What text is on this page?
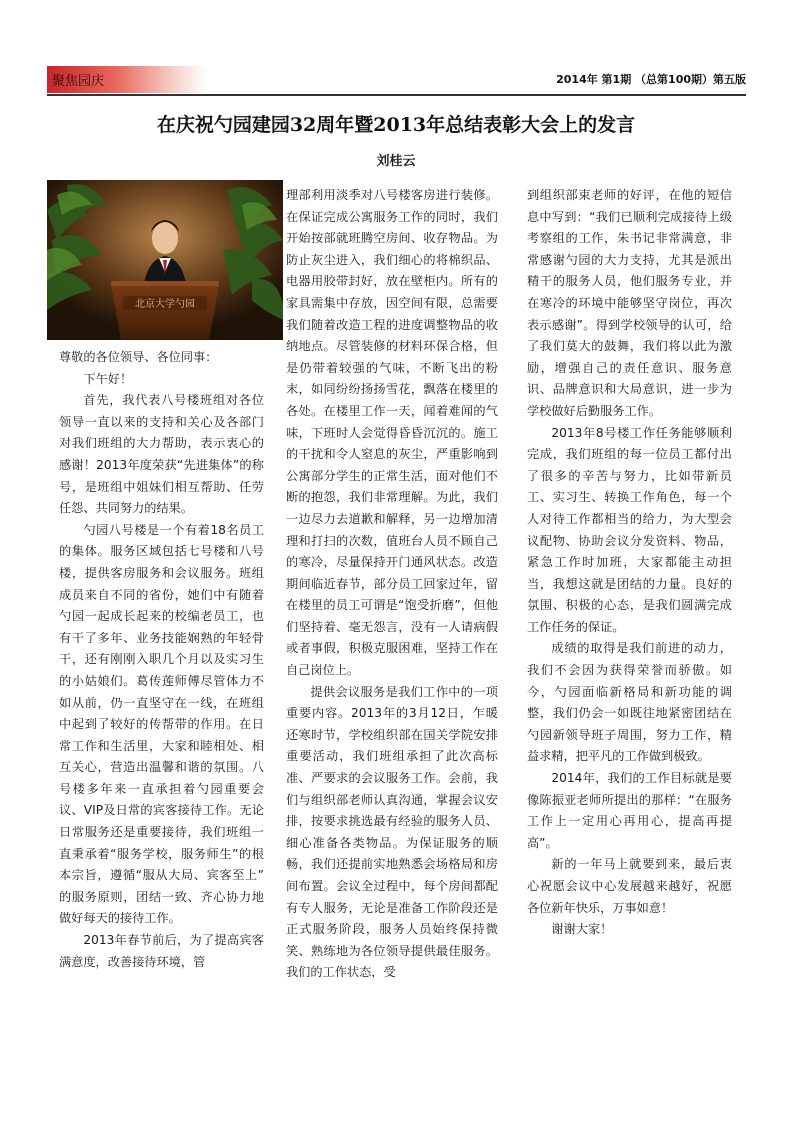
聚焦园庆	2014年 第1期 （总第100期）第五版
在庆祝勺园建园32周年暨2013年总结表彰大会上的发言
刘桂云
北京大学勺园

尊敬的各位领导、各位同事：

下午好！

首先，我代表八号楼班组对各位领导一直以来的支持和关心及各部门对我们班组的大力帮助，表示衷心的感谢！2013年度荣获“先进集体”的称号，是班组中姐妹们相互帮助、任劳任怨、共同努力的结果。

勺园八号楼是一个有着18名员工的集体。服务区域包括七号楼和八号楼，提供客房服务和会议服务。班组成员来自不同的省份，她们中有随着勺园一起成长起来的校编老员工，也有干了多年、业务技能娴熟的年轻骨干，还有刚刚入职几个月以及实习生的小姑娘们。葛传莲师傅尽管体力不如从前，仍一直坚守在一线，在班组中起到了较好的传帮带的作用。在日常工作和生活里，大家和睦相处、相互关心，营造出温馨和谐的氛围。八号楼多年来一直承担着勺园重要会议、VIP及日常的宾客接待工作。无论日常服务还是重要接待，我们班组一直秉承着“服务学校，服务师生”的根本宗旨，遵循“服从大局、宾客至上” 的服务原则，团结一致、齐心协力地做好每天的接待工作。

2013年春节前后，为了提高宾客满意度，改善接待环境，管

理部利用淡季对八号楼客房进行装修。在保证完成公寓服务工作的同时，我们开始按部就班腾空房间、收存物品。为防止灰尘进入，我们细心的将棉织品、电器用胶带封好，放在壁柜内。所有的家具需集中存放，因空间有限，总需要我们随着改造工程的进度调整物品的收纳地点。尽管装修的材料环保合格，但是仍带着较强的气味，不断飞出的粉末，如同纷纷扬扬雪花，飘落在楼里的各处。在楼里工作一天，闻着难闻的气味，下班时人会觉得昏昏沉沉的。施工的干扰和令人窒息的灰尘，严重影响到公寓部分学生的正常生活，面对他们不断的抱怨，我们非常理解。为此，我们一边尽力去道歉和解释，另一边增加清理和打扫的次数，值班台人员不顾自己的寒冷，尽量保持开门通风状态。改造期间临近春节，部分员工回家过年，留在楼里的员工可谓是“饱受折磨”，但他们坚持着、毫无怨言，没有一人请病假或者事假，积极克服困难，坚持工作在自己岗位上。

提供会议服务是我们工作中的一项重要内容。2013年的3月12日，乍暖还寒时节，学校组织部在国关学院安排重要活动，我们班组承担了此次高标准、严要求的会议服务工作。会前，我们与组织部老师认真沟通，掌握会议安排，按要求挑选最有经验的服务人员、细心准备各类物品。为保证服务的顺畅，我们还提前实地熟悉会场格局和房间布置。会议全过程中，每个房间都配有专人服务，无论是准备工作阶段还是正式服务阶段，服务人员始终保持微笑、熟练地为各位领导提供最佳服务。我们的工作状态，受

到组织部束老师的好评，在他的短信息中写到：“我们已顺利完成接待上级考察组的工作，朱书记非常满意，非常感谢勺园的大力支持，尤其是派出精干的服务人员，他们服务专业，并在寒冷的环境中能够坚守岗位，再次表示感谢”。得到学校领导的认可，给了我们莫大的鼓舞，我们将以此为激励，增强自己的责任意识、服务意识、品牌意识和大局意识，进一步为学校做好后勤服务工作。

2013年8号楼工作任务能够顺利完成，我们班组的每一位员工都付出了很多的辛苦与努力，比如带新员工、实习生、转换工作角色，每一个人对待工作都相当的给力，为大型会议配物、协助会议分发资料、物品，紧急工作时加班，大家都能主动担当，我想这就是团结的力量。良好的氛围、积极的心态，是我们圆满完成工作任务的保证。

成绩的取得是我们前进的动力，我们不会因为获得荣誉而骄傲。如今，勺园面临新格局和新功能的调整，我们仍会一如既往地紧密团结在勺园新领导班子周围，努力工作，精益求精，把平凡的工作做到极致。

2014年，我们的工作目标就是要像陈振亚老师所提出的那样：“在服务工作上一定用心再用心，提高再提高”。

新的一年马上就要到来，最后衷心祝愿会议中心发展越来越好，祝愿各位新年快乐，万事如意！

谢谢大家！
